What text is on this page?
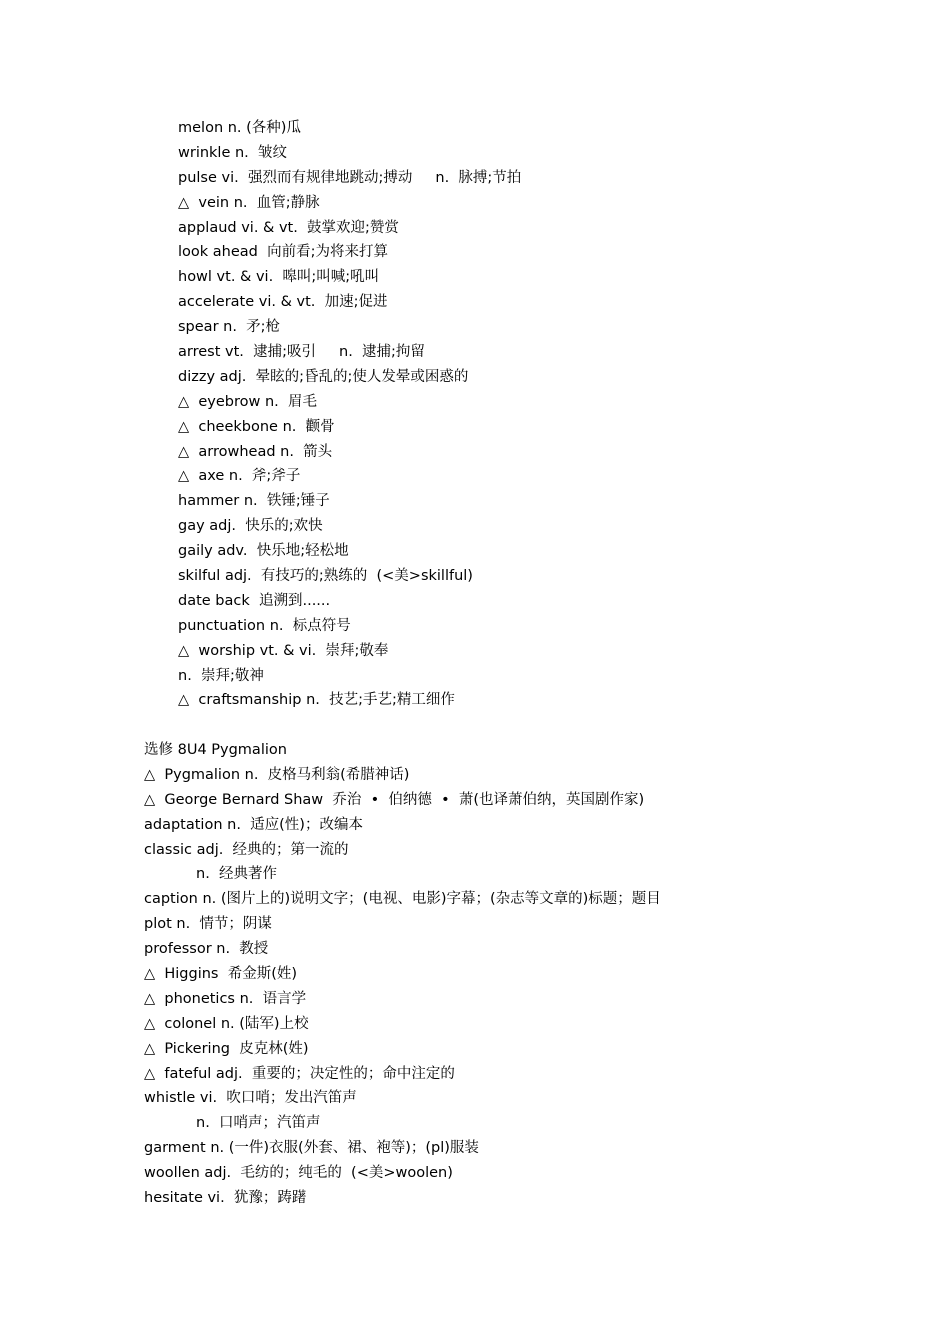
melon n. (各种)瓜
wrinkle n.  皱纹
pulse vi.  强烈而有规律地跳动;搏动     n.  脉搏;节拍
△  vein n.  血管;静脉
applaud vi. & vt.  鼓掌欢迎;赞赏
look ahead  向前看;为将来打算
howl vt. & vi.  嗥叫;叫喊;吼叫
accelerate vi. & vt.  加速;促进
spear n.  矛;枪
arrest vt.  逮捕;吸引     n.  逮捕;拘留
dizzy adj.  晕眩的;昏乱的;使人发晕或困惑的
△  eyebrow n.  眉毛
△  cheekbone n.  颧骨
△  arrowhead n.  箭头
△  axe n.  斧;斧子
hammer n.  铁锤;锤子
gay adj.  快乐的;欢快
gaily adv.  快乐地;轻松地
skilful adj.  有技巧的;熟练的  (<美>skillful)
date back  追溯到......
punctuation n.  标点符号
△  worship vt. & vi.  崇拜;敬奉
n.  崇拜;敬神
△  craftsmanship n.  技艺;手艺;精工细作
选修 8U4 Pygmalion
△  Pygmalion n.  皮格马利翁(希腊神话)
△  George Bernard Shaw  乔治  •  伯纳德  •  萧(也译萧伯纳，英国剧作家)
adaptation n.  适应(性)；改编本
classic adj.  经典的；第一流的
n.  经典著作
caption n. (图片上的)说明文字；(电视、电影)字幕；(杂志等文章的)标题；题目
plot n.  情节；阴谋
professor n.  教授
△  Higgins  希金斯(姓)
△  phonetics n.  语言学
△  colonel n. (陆军)上校
△  Pickering  皮克林(姓)
△  fateful adj.  重要的；决定性的；命中注定的
whistle vi.  吹口哨；发出汽笛声
n.  口哨声；汽笛声
garment n. (一件)衣服(外套、裙、袍等)；(pl)服装
woollen adj.  毛纺的；纯毛的  (<美>woolen)
hesitate vi.  犹豫；踌躇
